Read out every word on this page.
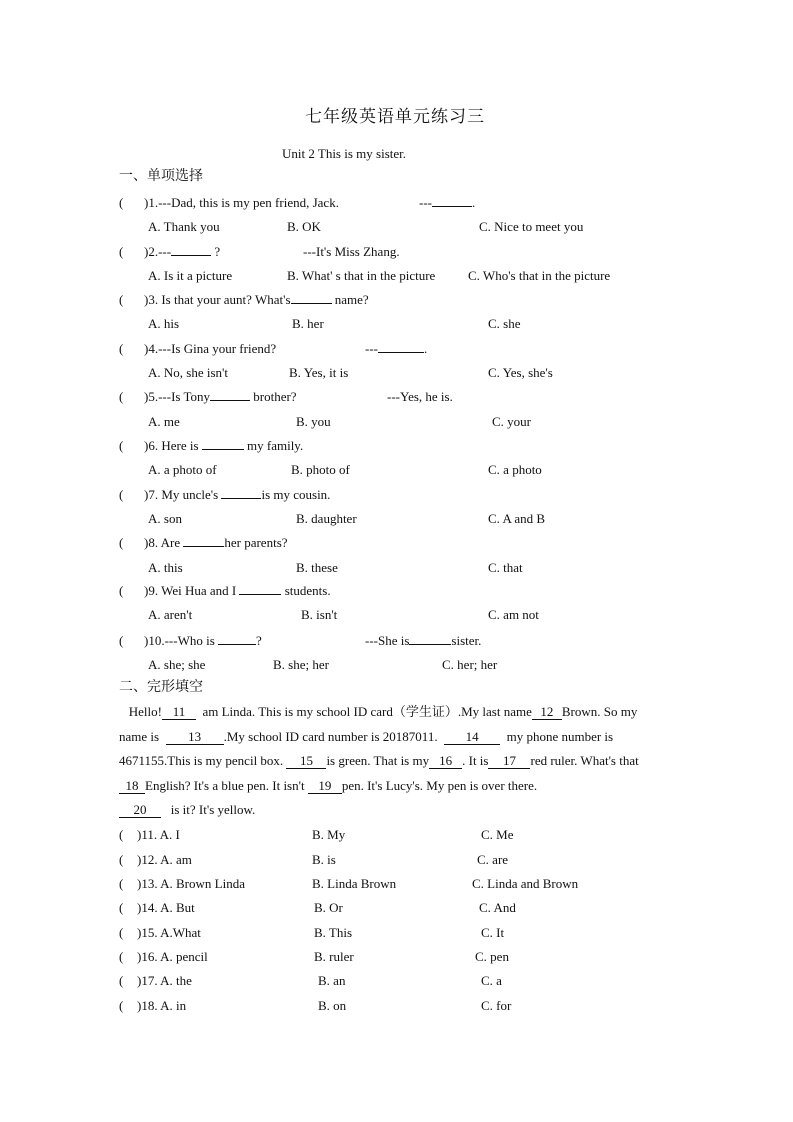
七年级英语单元练习三
Unit 2 This is my sister.
一、单项选择
( )1.---Dad, this is my pen friend, Jack.	---	.
A. Thank you	B. OK	C. Nice to meet you
( )2.---	?	---It's Miss Zhang.
A. Is it a picture	B. What' s that in the picture	C. Who's that in the picture
( )3. Is that your aunt? What's	name?
A. his	B. her	C. she
( )4.---Is Gina your friend?	---	.
A. No, she isn't	B. Yes, it is	C. Yes, she's
( )5.---Is Tony	brother?	---Yes, he is.
A. me	B. you	C. your
( )6. Here is	my family.
A. a photo of	B. photo of	C. a photo
( )7. My uncle's	is my cousin.
A. son	B. daughter	C. A and B
( )8. Are	her parents?
A. this	B. these	C. that
( )9. Wei Hua and I	students.
A. aren't	B. isn't	C. am not
( )10.---Who is	?	---She is	sister.
A. she; she	B. she; her	C. her; her
二、完形填空

Hello! 11 am Linda. This is my school ID card（学生证）.My last name 12 Brown. So my

name is 13 .My school ID card number is 20187011. 14 my phone number is

4671155.This is my pencil box. 15 is green. That is my 16 . It is 17 red ruler. What's that

18 English? It's a blue pen. It isn't 19 pen. It's Lucy's. My pen is over there.

20 is it? It's yellow.

( )11. A. I	B. My	C. Me
( )12. A. am	B. is	C. are
( )13. A. Brown Linda	B. Linda Brown	C. Linda and Brown
( )14. A. But	B. Or	C. And
( )15. A.What	B. This	C. It
( )16. A. pencil	B. ruler	C. pen
( )17. A. the	B. an	C. a
( )18. A. in	B. on	C. for
